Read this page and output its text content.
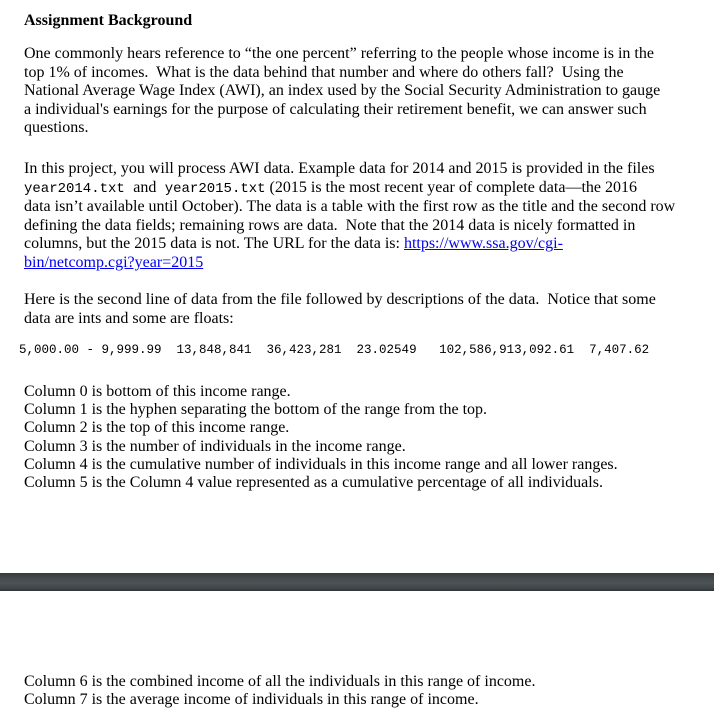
Assignment Background
One commonly hears reference to “the one percent” referring to the people whose income is in the
top 1% of incomes.  What is the data behind that number and where do others fall?  Using the
National Average Wage Index (AWI), an index used by the Social Security Administration to gauge
a individual's earnings for the purpose of calculating their retirement benefit, we can answer such
questions.
In this project, you will process AWI data. Example data for 2014 and 2015 is provided in the files
year2014.txt and year2015.txt (2015 is the most recent year of complete data—the 2016
data isn’t available until October). The data is a table with the first row as the title and the second row
defining the data fields; remaining rows are data.  Note that the 2014 data is nicely formatted in
columns, but the 2015 data is not. The URL for the data is: https://www.ssa.gov/cgi-
bin/netcomp.cgi?year=2015
Here is the second line of data from the file followed by descriptions of the data.  Notice that some
data are ints and some are floats:
5,000.00 - 9,999.99  13,848,841  36,423,281  23.02549   102,586,913,092.61  7,407.62
Column 0 is bottom of this income range.
Column 1 is the hyphen separating the bottom of the range from the top.
Column 2 is the top of this income range.
Column 3 is the number of individuals in the income range.
Column 4 is the cumulative number of individuals in this income range and all lower ranges.
Column 5 is the Column 4 value represented as a cumulative percentage of all individuals.
Column 6 is the combined income of all the individuals in this range of income.
Column 7 is the average income of individuals in this range of income.
